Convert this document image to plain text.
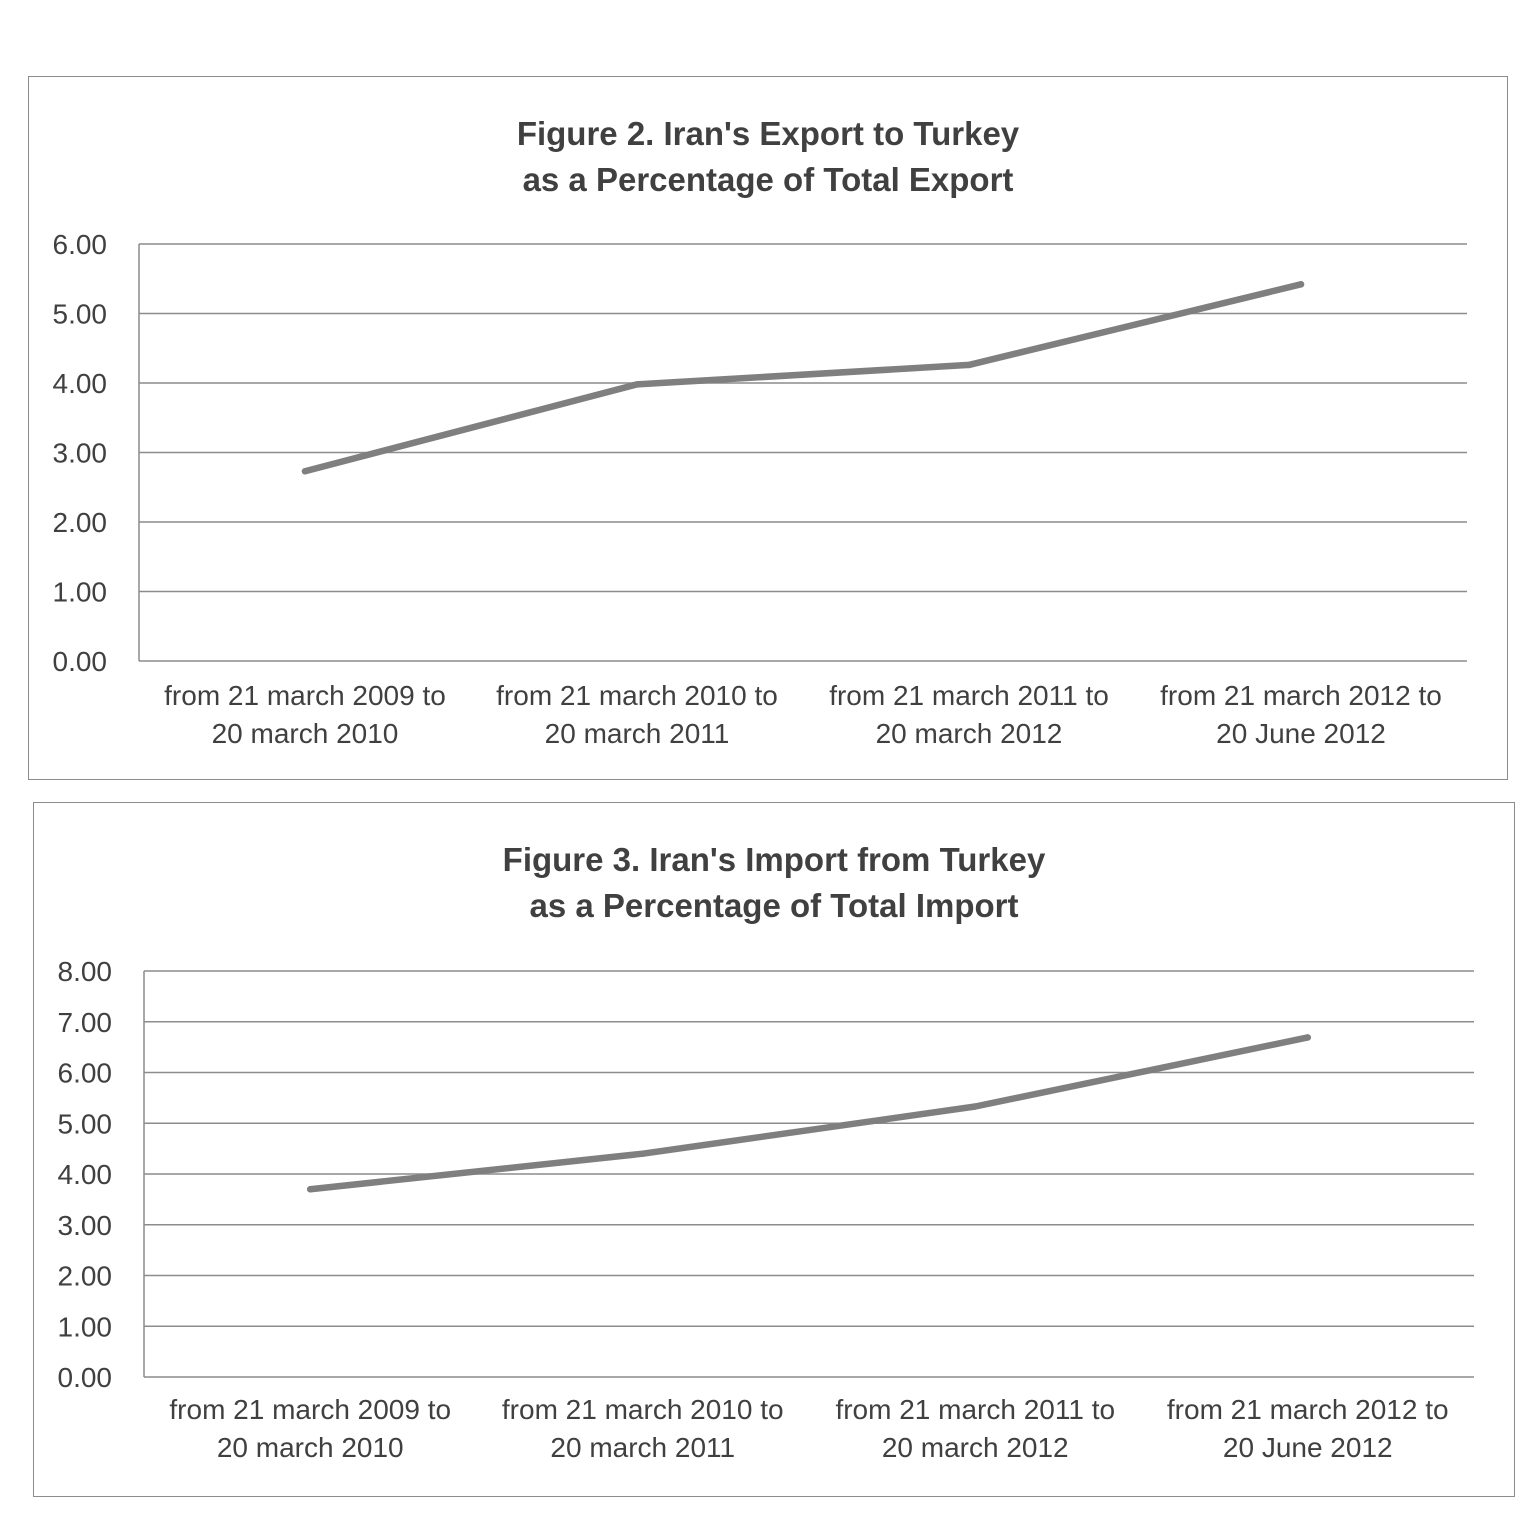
Figure 2. Iran's Export to Turkey
as a Percentage of Total Export
0.00
1.00
2.00
3.00
4.00
5.00
6.00
from 21 march 2009 to
20 march 2010
from 21 march 2010 to
20 march 2011
from 21 march 2011 to
20 march 2012
from 21 march 2012 to
20 June 2012
Figure 3. Iran's Import from Turkey
as a Percentage of Total Import
0.00
1.00
2.00
3.00
4.00
5.00
6.00
7.00
8.00
from 21 march 2009 to
20 march 2010
from 21 march 2010 to
20 march 2011
from 21 march 2011 to
20 march 2012
from 21 march 2012 to
20 June 2012
